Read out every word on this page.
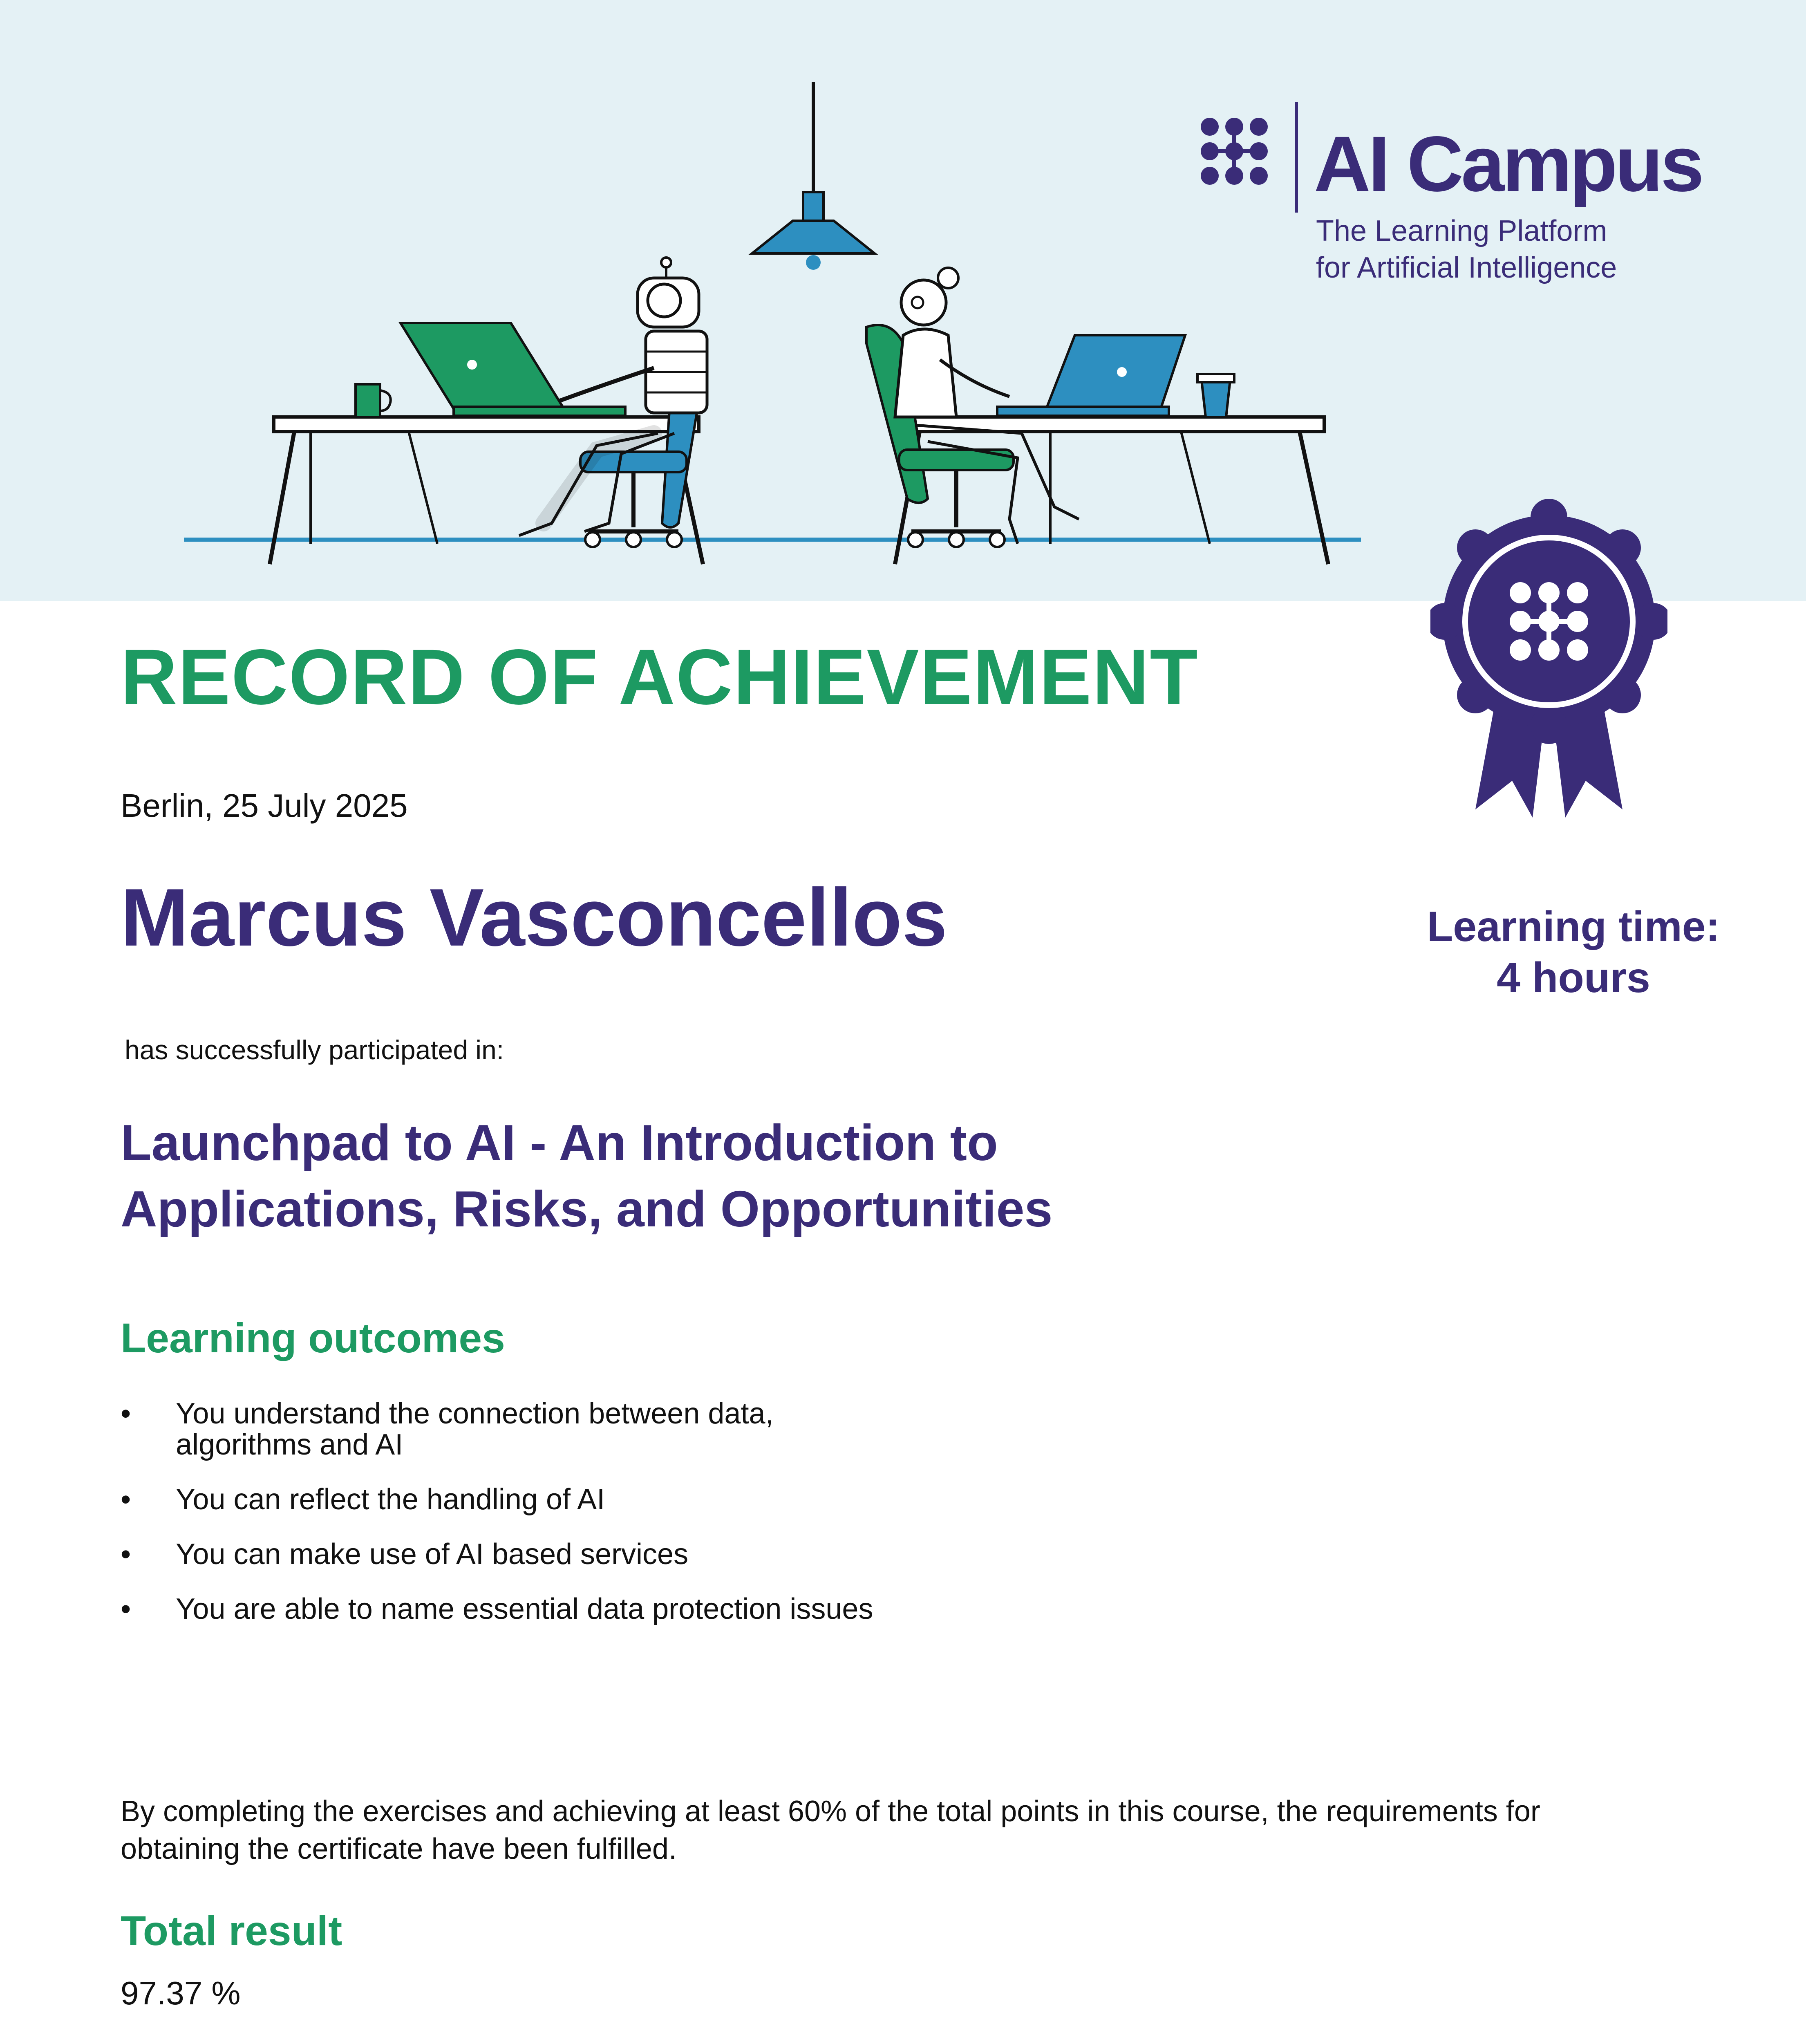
AI Campus
The Learning Platform
for Artificial Intelligence
RECORD OF ACHIEVEMENT
Berlin, 25 July 2025
Marcus Vasconcellos	Learning time:
4 hours
has successfully participated in:
Launchpad to AI - An Introduction to
Applications, Risks, and Opportunities
Learning outcomes
• You understand the connection between data, algorithms and AI
• You can reflect the handling of AI
• You can make use of AI based services
• You are able to name essential data protection issues
By completing the exercises and achieving at least 60% of the total points in this course, the requirements for obtaining the certificate have been fulfilled.
Total result
97.37 %
